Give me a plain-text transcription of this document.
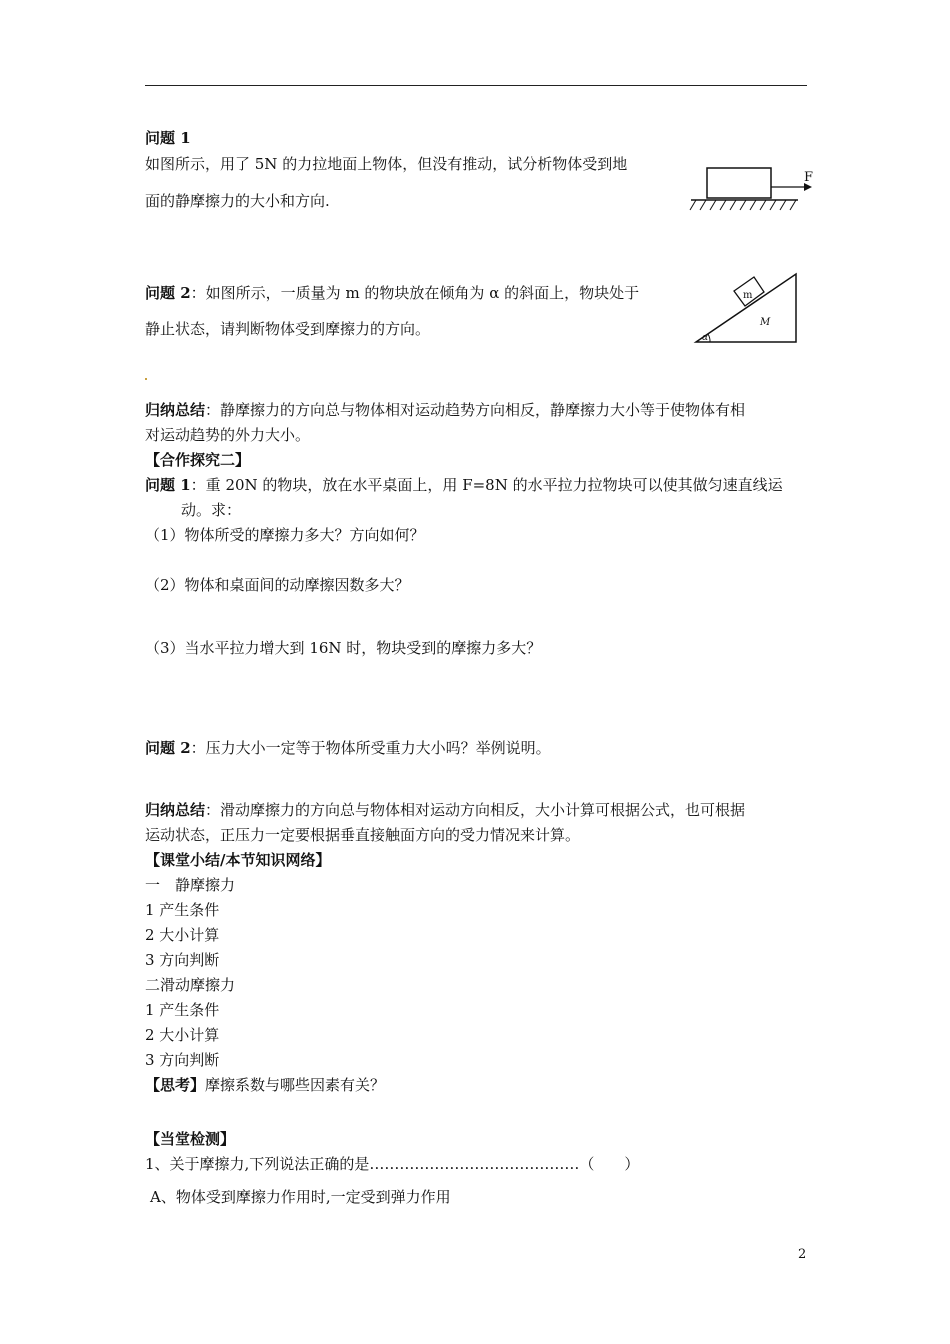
问题 1
如图所示，用了 5N 的力拉地面上物体，但没有推动，试分析物体受到地
面的静摩擦力的大小和方向.
F
问题 2：如图所示，一质量为 m 的物块放在倾角为 α 的斜面上，物块处于
静止状态，请判断物体受到摩擦力的方向。
m
M
α
归纳总结：静摩擦力的方向总与物体相对运动趋势方向相反，静摩擦力大小等于使物体有相
对运动趋势的外力大小。
【合作探究二】
问题 1：重 20N 的物块，放在水平桌面上，用 F=8N 的水平拉力拉物块可以使其做匀速直线运
动。求：
（1）物体所受的摩擦力多大？方向如何？
（2）物体和桌面间的动摩擦因数多大？
（3）当水平拉力增大到 16N 时，物块受到的摩擦力多大？
问题 2：压力大小一定等于物体所受重力大小吗？举例说明。
归纳总结：滑动摩擦力的方向总与物体相对运动方向相反，大小计算可根据公式，也可根据
运动状态，正压力一定要根据垂直接触面方向的受力情况来计算。
【课堂小结/本节知识网络】
一　静摩擦力
1 产生条件
2 大小计算
3 方向判断
二滑动摩擦力
1 产生条件
2 大小计算
3 方向判断
【思考】摩擦系数与哪些因素有关？
【当堂检测】
1、关于摩擦力,下列说法正确的是……………………………………（　　）
A、物体受到摩擦力作用时,一定受到弹力作用
2
